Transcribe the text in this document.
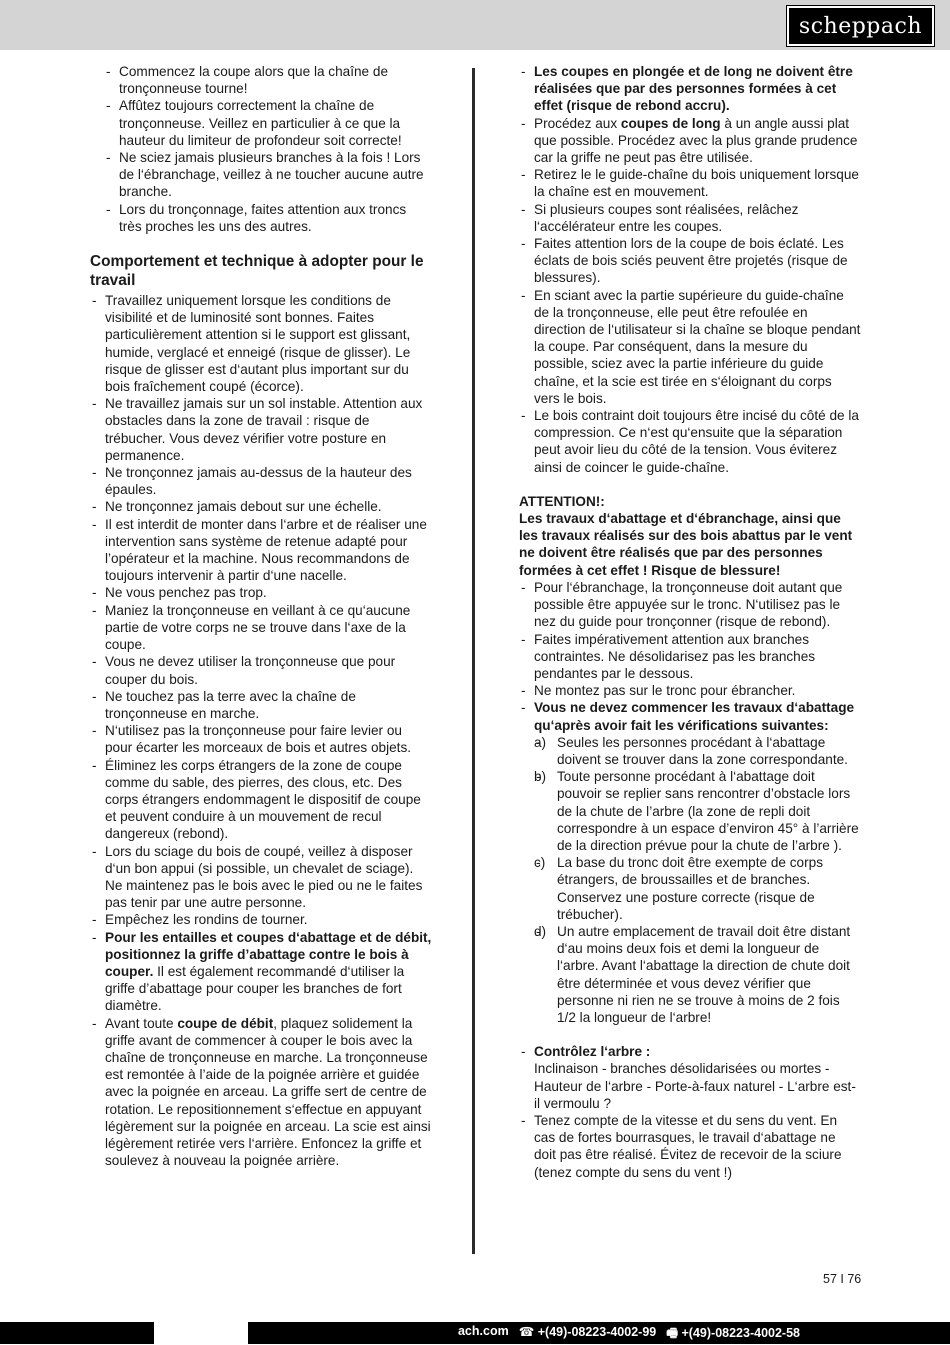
scheppach
- Commencez la coupe alors que la chaîne de tronçonneuse tourne!
- Affûtez toujours correctement la chaîne de tronçonneuse. Veillez en particulier à ce que la hauteur du limiteur de profondeur soit correcte!
- Ne sciez jamais plusieurs branches à la fois ! Lors de l‘ébranchage, veillez à ne toucher aucune autre branche.
- Lors du tronçonnage, faites attention aux troncs très proches les uns des autres.
Comportement et technique à adopter pour le travail
- Travaillez uniquement lorsque les conditions de visibilité et de luminosité sont bonnes. Faites particulièrement attention si le support est glissant, humide, verglacé et enneigé (risque de glisser). Le risque de glisser est d‘autant plus important sur du bois fraîchement coupé (écorce).
- Ne travaillez jamais sur un sol instable. Attention aux obstacles dans la zone de travail : risque de trébucher. Vous devez vérifier votre posture en permanence.
- Ne tronçonnez jamais au-dessus de la hauteur des épaules.
- Ne tronçonnez jamais debout sur une échelle.
- Il est interdit de monter dans l‘arbre et de réaliser une intervention sans système de retenue adapté pour l’opérateur et la machine. Nous recommandons de toujours intervenir à partir d‘une nacelle.
- Ne vous penchez pas trop.
- Maniez la tronçonneuse en veillant à ce qu‘aucune partie de votre corps ne se trouve dans l‘axe de la coupe.
- Vous ne devez utiliser la tronçonneuse que pour couper du bois.
- Ne touchez pas la terre avec la chaîne de tronçonneuse en marche.
- N‘utilisez pas la tronçonneuse pour faire levier ou pour écarter les morceaux de bois et autres objets.
- Éliminez les corps étrangers de la zone de coupe comme du sable, des pierres, des clous, etc. Des corps étrangers endommagent le dispositif de coupe et peuvent conduire à un mouvement de recul dangereux (rebond).
- Lors du sciage du bois de coupé, veillez à disposer d‘un bon appui (si possible, un chevalet de sciage). Ne maintenez pas le bois avec le pied ou ne le faites pas tenir par une autre personne.
- Empêchez les rondins de tourner.
- Pour les entailles et coupes d‘abattage et de débit, positionnez la griffe d’abattage contre le bois à couper. Il est également recommandé d‘utiliser la griffe d’abattage pour couper les branches de fort diamètre.
- Avant toute coupe de débit, plaquez solidement la griffe avant de commencer à couper le bois avec la chaîne de tronçonneuse en marche. La tronçonneuse est remontée à l’aide de la poignée arrière et guidée avec la poignée en arceau. La griffe sert de centre de rotation. Le repositionnement s‘effectue en appuyant légèrement sur la poignée en arceau. La scie est ainsi légèrement retirée vers l‘arrière. Enfoncez la griffe et soulevez à nouveau la poignée arrière.
- Les coupes en plongée et de long ne doivent être réalisées que par des personnes formées à cet effet (risque de rebond accru).
- Procédez aux coupes de long à un angle aussi plat que possible. Procédez avec la plus grande prudence car la griffe ne peut pas être utilisée.
- Retirez le le guide-chaîne du bois uniquement lorsque la chaîne est en mouvement.
- Si plusieurs coupes sont réalisées, relâchez l‘accélérateur entre les coupes.
- Faites attention lors de la coupe de bois éclaté. Les éclats de bois sciés peuvent être projetés (risque de blessures).
- En sciant avec la partie supérieure du guide-chaîne de la tronçonneuse, elle peut être refoulée en direction de l‘utilisateur si la chaîne se bloque pendant la coupe. Par conséquent, dans la mesure du possible, sciez avec la partie inférieure du guide chaîne, et la scie est tirée en s‘éloignant du corps vers le bois.
- Le bois contraint doit toujours être incisé du côté de la compression. Ce n‘est qu‘ensuite que la séparation peut avoir lieu du côté de la tension. Vous éviterez ainsi de coincer le guide-chaîne.
ATTENTION!:
Les travaux d‘abattage et d‘ébranchage, ainsi que les travaux réalisés sur des bois abattus par le vent ne doivent être réalisés que par des personnes formées à cet effet ! Risque de blessure!
- Pour l‘ébranchage, la tronçonneuse doit autant que possible être appuyée sur le tronc. N‘utilisez pas le nez du guide pour tronçonner (risque de rebond).
- Faites impérativement attention aux branches contraintes. Ne désolidarisez pas les branches pendantes par le dessous.
- Ne montez pas sur le tronc pour ébrancher.
- Vous ne devez commencer les travaux d‘abattage qu‘après avoir fait les vérifications suivantes:
- a) Seules les personnes procédant à l‘abattage doivent se trouver dans la zone correspondante.
- b) Toute personne procédant à l‘abattage doit pouvoir se replier sans rencontrer d’obstacle lors de la chute de l’arbre (la zone de repli doit correspondre à un espace d’environ 45° à l’arrière de la direction prévue pour la chute de l’arbre ).
- c) La base du tronc doit être exempte de corps étrangers, de broussailles et de branches. Conservez une posture correcte (risque de trébucher).
- d) Un autre emplacement de travail doit être distant d‘au moins deux fois et demi la longueur de l‘arbre. Avant l‘abattage la direction de chute doit être déterminée et vous devez vérifier que personne ni rien ne se trouve à moins de 2 fois 1/2 la longueur de l‘arbre!
- Contrôlez l‘arbre :
Inclinaison - branches désolidarisées ou mortes - Hauteur de l‘arbre - Porte-à-faux naturel - L‘arbre est-il vermoulu ?
- Tenez compte de la vitesse et du sens du vent. En cas de fortes bourrasques, le travail d‘abattage ne doit pas être réalisé. Évitez de recevoir de la sciure (tenez compte du sens du vent !)
57 I 76
ach.com ☎ +(49)-08223-4002-99 🖷 +(49)-08223-4002-58
